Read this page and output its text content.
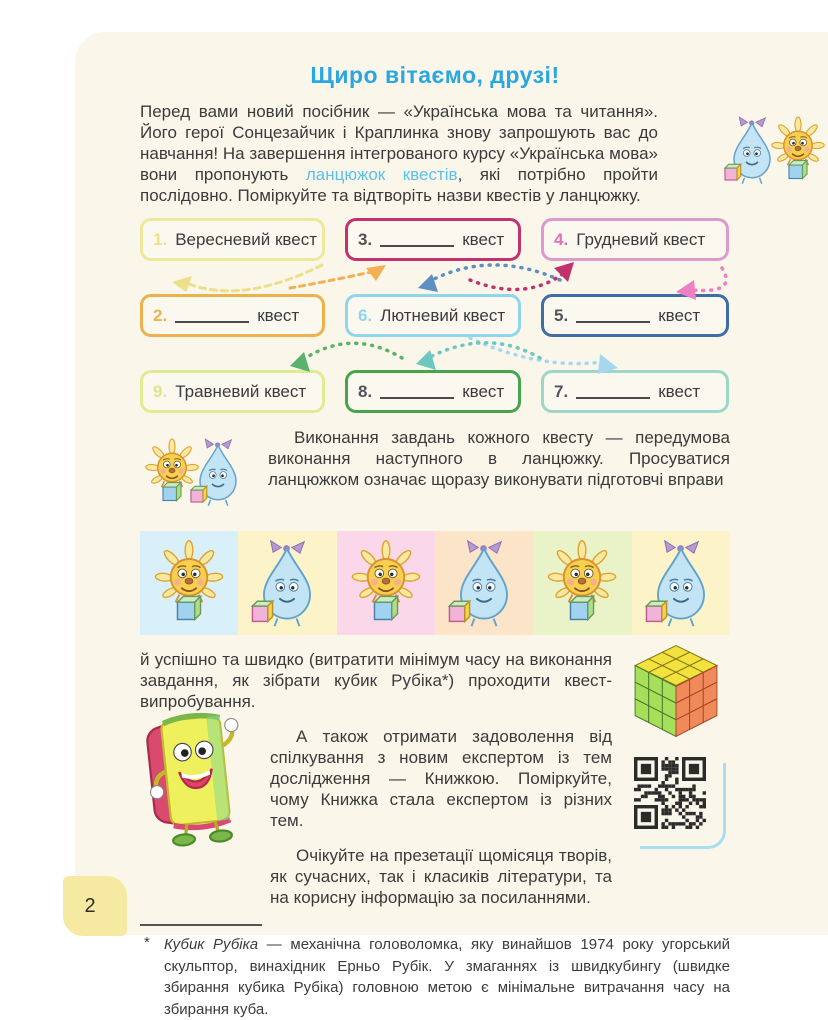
Щиро вітаємо, друзі!

Перед вами новий посібник — «Українська мова та читання». Його герої Сонцезайчик і Краплинка знову запрошують вас до навчання! На завершення інтегрованого курсу «Українська мова» вони пропонують ланцюжок квестів, які потрібно пройти послідовно. Поміркуйте та відтворіть назви квестів у ланцюжку.

1. Вересневий квест 3.	квест	4. Грудневий квест
2.	квест	6. Лютневий квест	5.	квест
9. Травневий квест	8.	квест	7.	квест

Виконання завдань кожного квесту — передумова виконання наступного в ланцюжку. Просуватися ланцюжком означає щоразу виконувати підготовчі вправи

й успішно та швидко (витратити мінімум часу на виконання завдання, як зібрати кубик Рубіка*) проходити квест-випробування.

А також отримати задоволення від спілкування з новим експертом із тем дослідження — Книжкою. Поміркуйте, чому Книжка стала експертом із різних тем.

Очікуйте на презетації щомісяця творів, як сучасних, так і класиків літератури, та на корисну інформацію за посиланнями.

* Кубик Рубіка — механічна головоломка, яку винайшов 1974 року угорський скульптор, винахідник Ерньо Рубік. У змаганнях із швидкубингу (швидке збирання кубика Рубіка) головною метою є мінімальне витрачання часу на збирання куба.
2
